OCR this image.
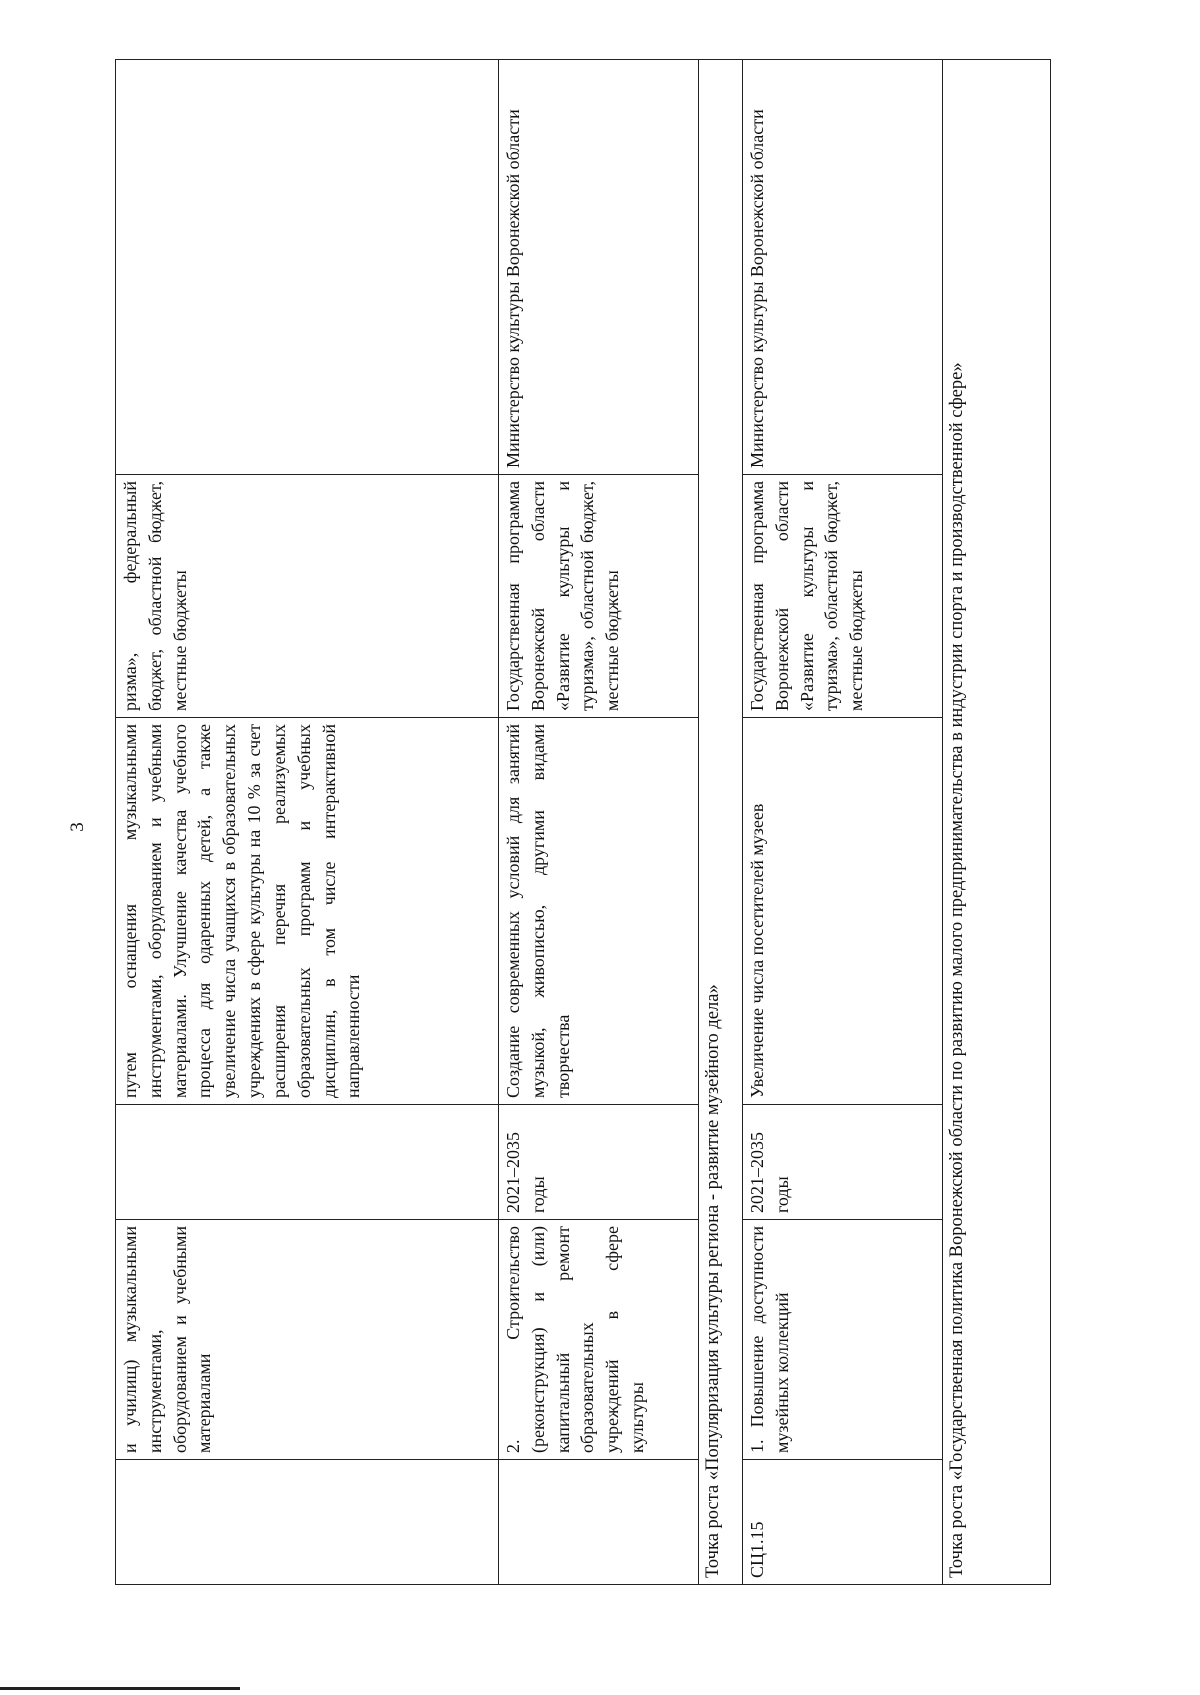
3
	и училищ) музыкальными инструментами, оборудованием и учебными материалами		путем оснащения музыкальными инструментами, оборудованием и учебными материалами. Улучшение качества учебного процесса для одаренных детей, а также увеличение числа учащихся в образовательных учреждениях в сфере культуры на 10 % за счет расширения перечня реализуемых образовательных программ и учебных дисциплин, в том числе интерактивной направленности	ризма», федеральный бюджет, областной бюджет, местные бюджеты	
	2. Строительство (реконструкция) и (или) капитальный ремонт образовательных учреждений в сфере культуры	2021–2035 годы	Создание современных условий для занятий музыкой, живописью, другими видами творчества	Государственная программа Воронежской области «Развитие культуры и туризма», областной бюджет, местные бюджеты	Министерство культуры Воронежской области
Точка роста «Популяризация культуры региона - развитие музейного дела»					
СЦ1.15	1. Повышение доступности музейных коллекций	2021–2035 годы	Увеличение числа посетителей музеев	Государственная программа Воронежской области «Развитие культуры и туризма», областной бюджет, местные бюджеты	Министерство культуры Воронежской области
Точка роста «Государственная политика Воронежской области по развитию малого предпринимательства в индустрии спорта и производственной сфере»					
